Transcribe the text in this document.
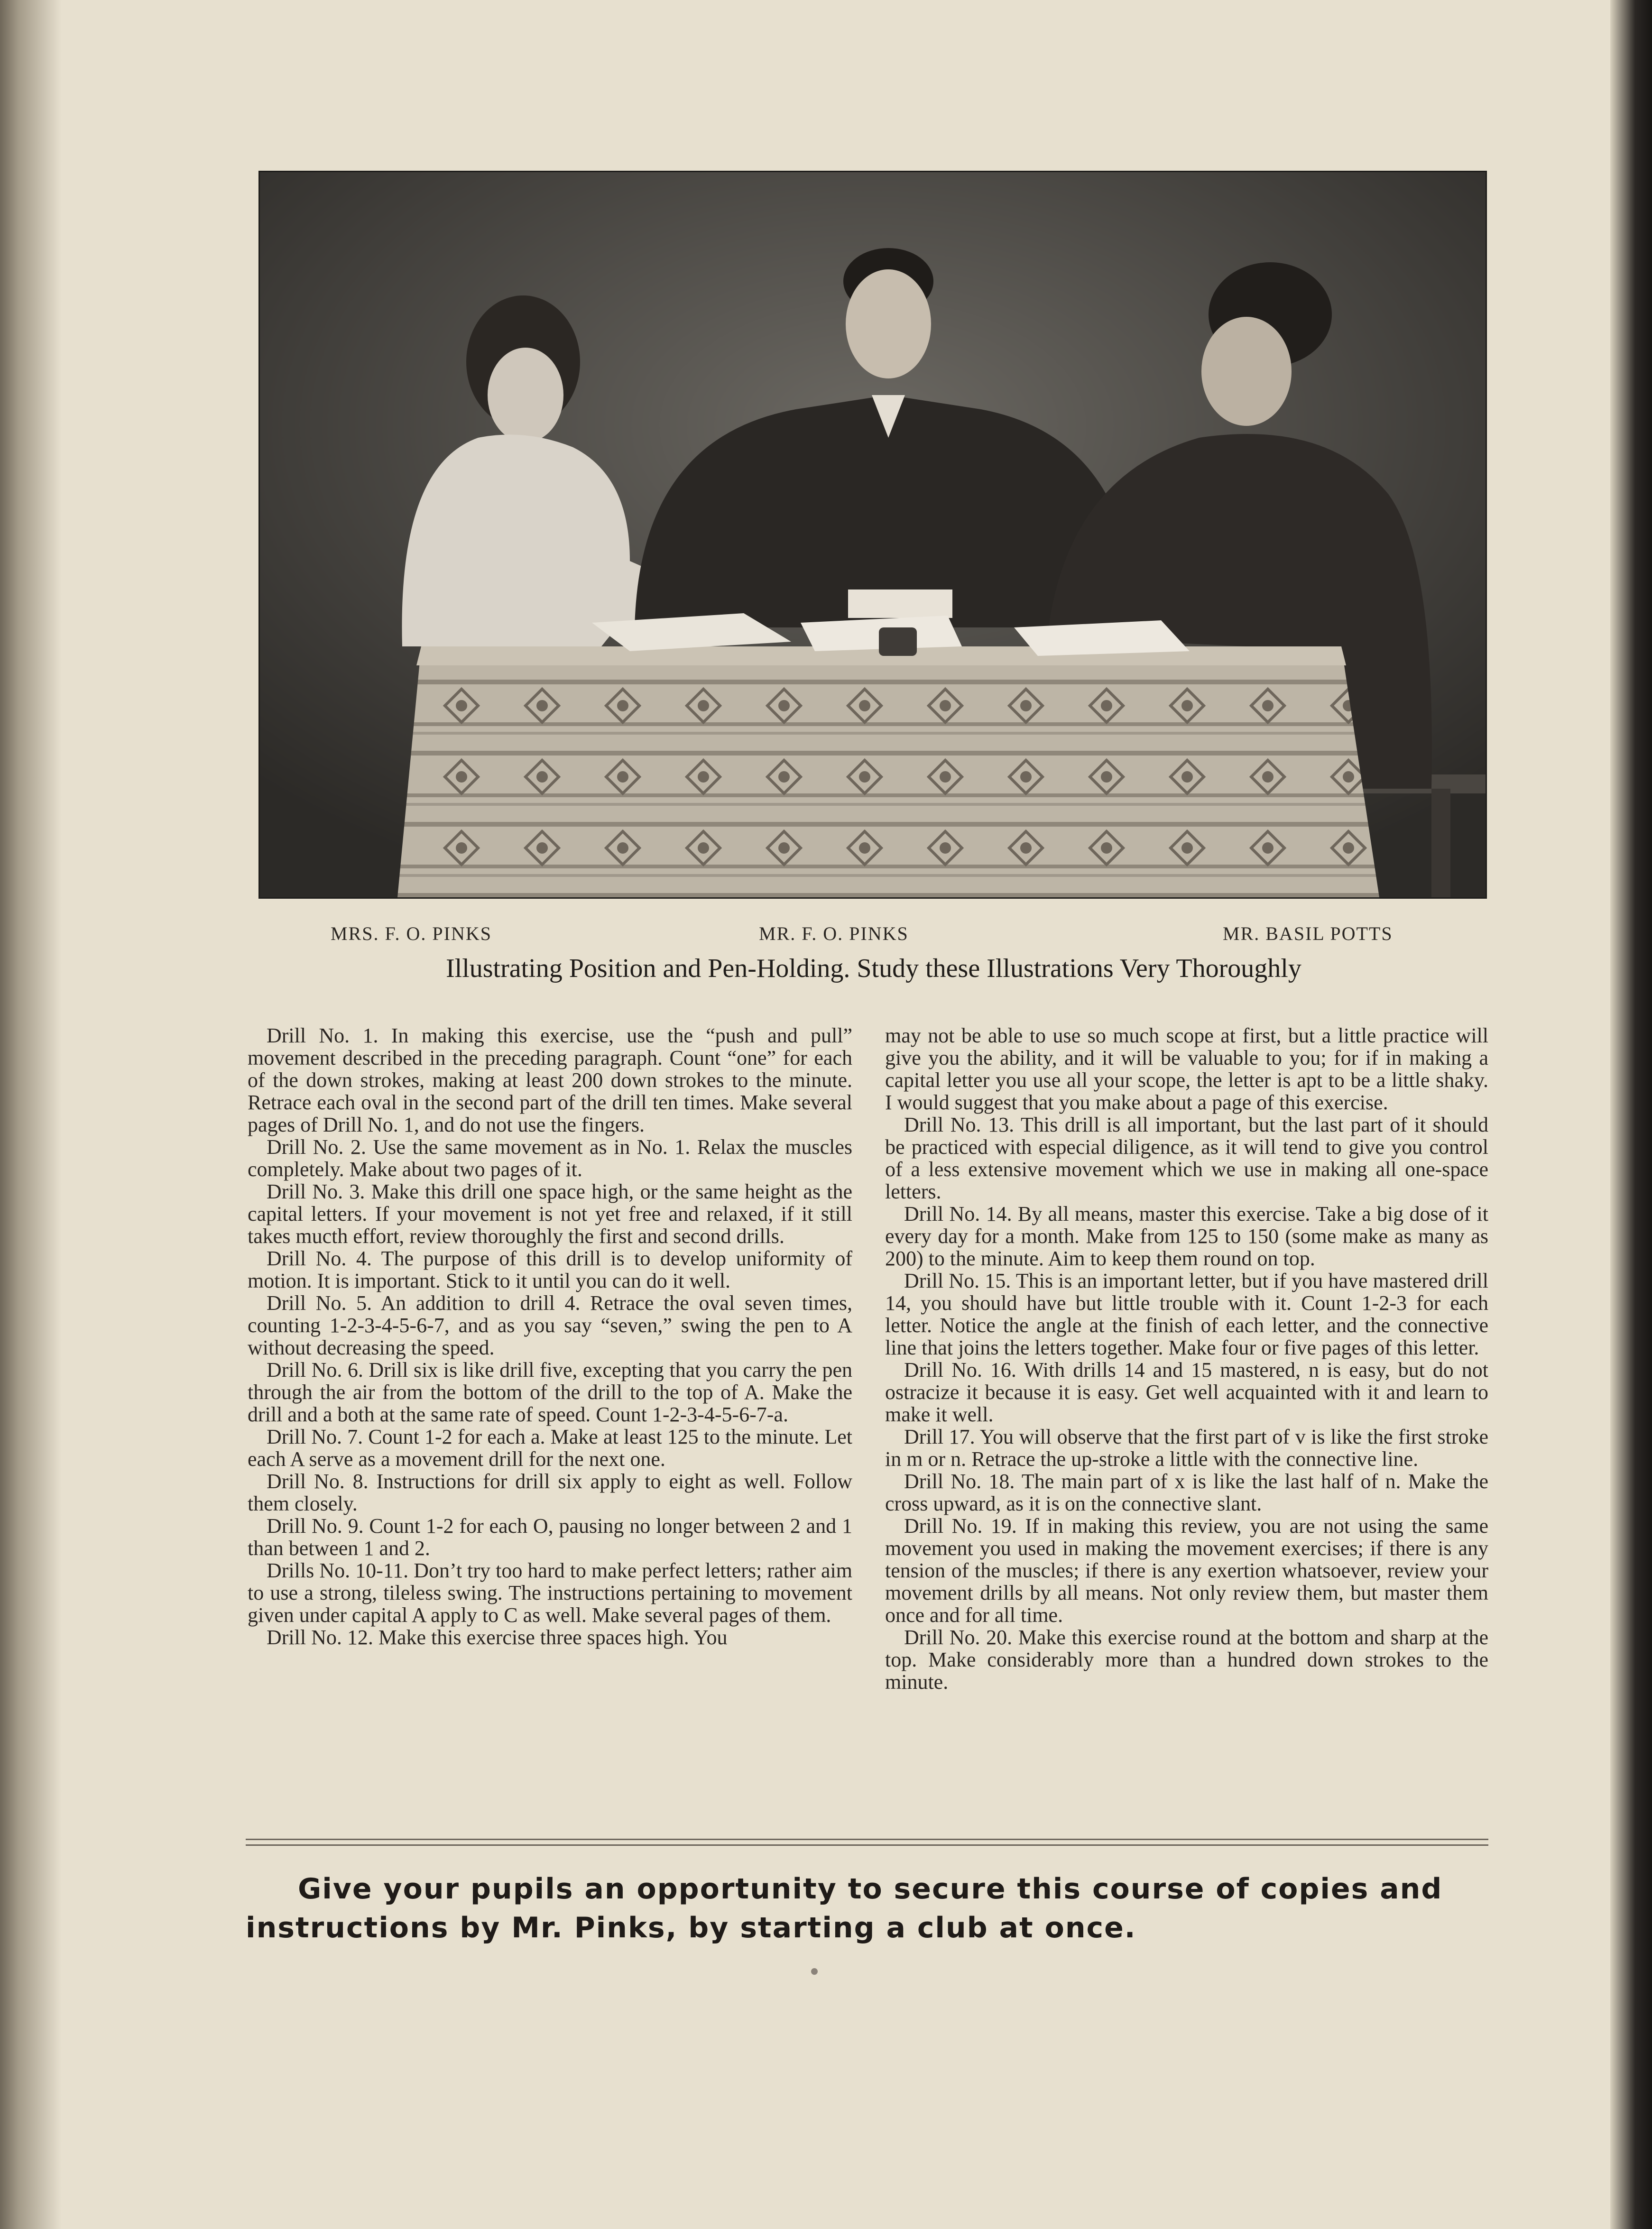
MRS. F. O. PINKS	MR. F. O. PINKS	MR. BASIL POTTS
Illustrating Position and Pen-Holding. Study these Illustrations Very Thoroughly

Drill No. 1. In making this exercise, use the “push and pull” movement described in the preceding paragraph. Count “one” for each of the down strokes, making at least 200 down strokes to the minute. Retrace each oval in the second part of the drill ten times. Make several pages of Drill No. 1, and do not use the fingers.

Drill No. 2. Use the same movement as in No. 1. Relax the muscles completely. Make about two pages of it.

Drill No. 3. Make this drill one space high, or the same height as the capital letters. If your movement is not yet free and relaxed, if it still takes mucth effort, review thoroughly the first and second drills.

Drill No. 4. The purpose of this drill is to develop uniformity of motion. It is important. Stick to it until you can do it well.

Drill No. 5. An addition to drill 4. Retrace the oval seven times, counting 1-2-3-4-5-6-7, and as you say “seven,” swing the pen to A without decreasing the speed.

Drill No. 6. Drill six is like drill five, excepting that you carry the pen through the air from the bottom of the drill to the top of A. Make the drill and a both at the same rate of speed. Count 1-2-3-4-5-6-7-a.

Drill No. 7. Count 1-2 for each a. Make at least 125 to the minute. Let each A serve as a movement drill for the next one.

Drill No. 8. Instructions for drill six apply to eight as well. Follow them closely.

Drill No. 9. Count 1-2 for each O, pausing no longer between 2 and 1 than between 1 and 2.

Drills No. 10-11. Don’t try too hard to make perfect letters; rather aim to use a strong, tileless swing. The instructions pertaining to movement given under capital A apply to C as well. Make several pages of them.

Drill No. 12. Make this exercise three spaces high. You

may not be able to use so much scope at first, but a little practice will give you the ability, and it will be valuable to you; for if in making a capital letter you use all your scope, the letter is apt to be a little shaky. I would suggest that you make about a page of this exercise.

Drill No. 13. This drill is all important, but the last part of it should be practiced with especial diligence, as it will tend to give you control of a less extensive movement which we use in making all one-space letters.

Drill No. 14. By all means, master this exercise. Take a big dose of it every day for a month. Make from 125 to 150 (some make as many as 200) to the minute. Aim to keep them round on top.

Drill No. 15. This is an important letter, but if you have mastered drill 14, you should have but little trouble with it. Count 1-2-3 for each letter. Notice the angle at the finish of each letter, and the connective line that joins the letters together. Make four or five pages of this letter.

Drill No. 16. With drills 14 and 15 mastered, n is easy, but do not ostracize it because it is easy. Get well acquainted with it and learn to make it well.

Drill 17. You will observe that the first part of v is like the first stroke in m or n. Retrace the up-stroke a little with the connective line.

Drill No. 18. The main part of x is like the last half of n. Make the cross upward, as it is on the connective slant.

Drill No. 19. If in making this review, you are not using the same movement you used in making the movement exercises; if there is any tension of the muscles; if there is any exertion whatsoever, review your movement drills by all means. Not only review them, but master them once and for all time.

Drill No. 20. Make this exercise round at the bottom and sharp at the top. Make considerably more than a hundred down strokes to the minute.

Give your pupils an opportunity to secure this course of copies and
instructions by Mr. Pinks, by starting a club at once.
